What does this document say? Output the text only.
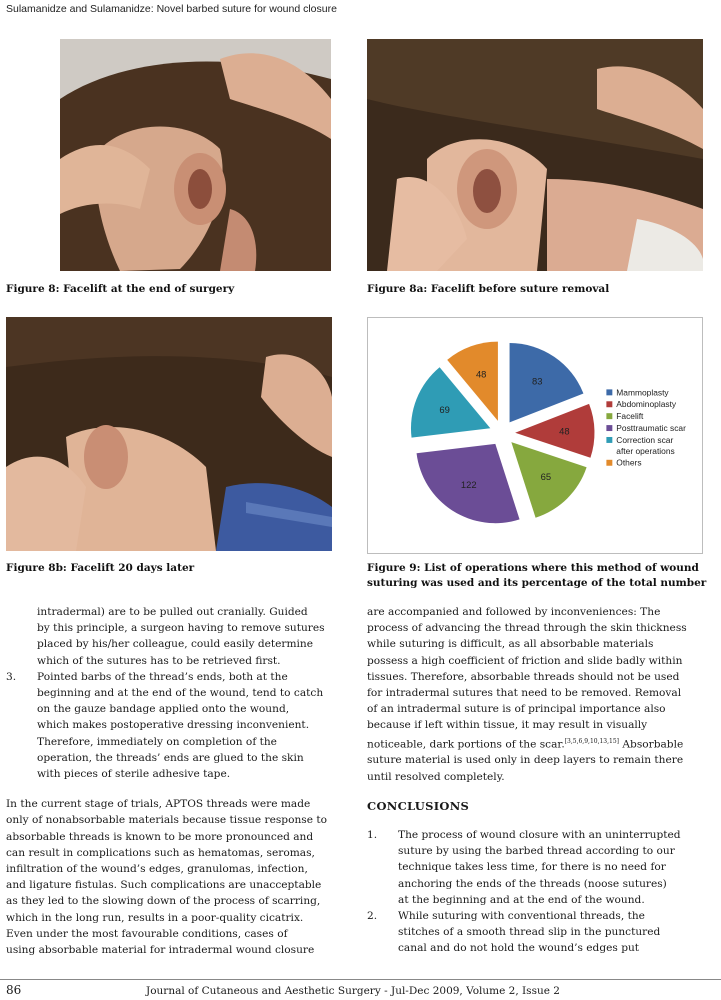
Sulamanidze and Sulamanidze: Novel barbed suture for wound closure
Figure 8: Facelift at the end of surgery	Figure 8a: Facelift before suture removal
83
48
65
122
69
48
Mammoplasty
Abdominoplasty
Facelift
Posttraumatic scar
Correction scar
after operations
Others
Figure 8b: Facelift 20 days later	Figure 9: List of operations where this method of wound
suturing was used and its percentage of the total number

intradermal) are to be pulled out cranially. Guided

by this principle, a surgeon having to remove sutures

placed by his/her colleague, could easily determine

which of the sutures has to be retrieved first.

3. Pointed barbs of the thread’s ends, both at the

beginning and at the end of the wound, tend to catch

on the gauze bandage applied onto the wound,

which makes postoperative dressing inconvenient.

Therefore, immediately on completion of the

operation, the threads’ ends are glued to the skin

with pieces of sterile adhesive tape.

In the current stage of trials, APTOS threads were made

only of nonabsorbable materials because tissue response to

absorbable threads is known to be more pronounced and

can result in complications such as hematomas, seromas,

infiltration of the wound’s edges, granulomas, infection,

and ligature fistulas. Such complications are unacceptable

as they led to the slowing down of the process of scarring,

which in the long run, results in a poor-quality cicatrix.

Even under the most favourable conditions, cases of

using absorbable material for intradermal wound closure

are accompanied and followed by inconveniences: The

process of advancing the thread through the skin thickness

while suturing is difficult, as all absorbable materials

possess a high coefficient of friction and slide badly within

tissues. Therefore, absorbable threads should not be used

for intradermal sutures that need to be removed. Removal

of an intradermal suture is of principal importance also

because if left within tissue, it may result in visually

noticeable, dark portions of the scar.[3,5,6,9,10,13,15] Absorbable

suture material is used only in deep layers to remain there

until resolved completely.

CONCLUSIONS

1. The process of wound closure with an uninterrupted

suture by using the barbed thread according to our

technique takes less time, for there is no need for

anchoring the ends of the threads (noose sutures)

at the beginning and at the end of the wound.

2. While suturing with conventional threads, the

stitches of a smooth thread slip in the punctured

canal and do not hold the wound’s edges put

86	Journal of Cutaneous and Aesthetic Surgery - Jul-Dec 2009, Volume 2, Issue 2
